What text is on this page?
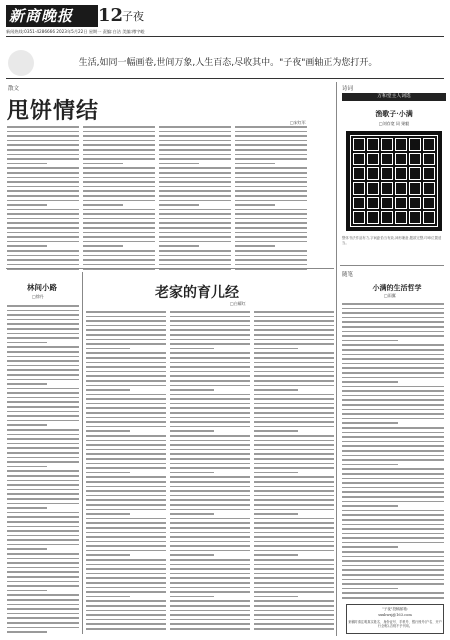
新商晚报	12
子夜
新闻热线:0351-4286666 2023年5月22日 星期一 责编:白洁 美编:傅宇峻
生活,如同一幅画卷,世间万象,人生百态,尽收其中。"子夜"画轴正为您打开。
散文
甩饼情结	□宋红军
诗词
万和堂主人词选
渔歌子·小满
□刘存宽 词 果毅
整体书法作品有力,字间距恰当有致,神形兼备,题款完整,印章位置适当。
林间小路
□徐丹	老家的育儿经
□白耀红
随笔
小满的生活哲学
□雨翼
"子夜"投稿邮箱:
sxxbwzj@163.com
来稿时请注明真实姓名、身份证号、手机号、银行账号(户名、开户行全称),否则不予刊用。
